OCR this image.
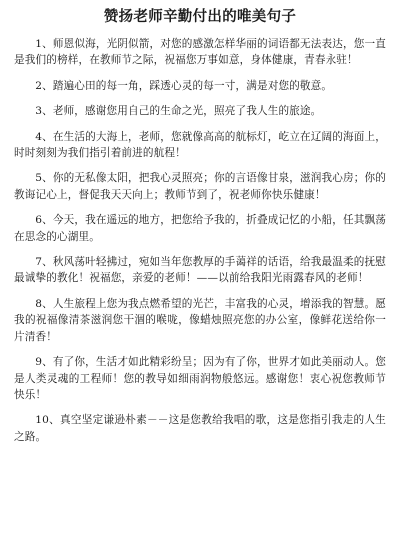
赞扬老师辛勤付出的唯美句子

1、师恩似海，光阴似箭，对您的感激怎样华丽的词语都无法表达，您一直是我们的榜样，在教师节之际，祝福您万事如意，身体健康，青春永驻！

2、踏遍心田的每一角，踩透心灵的每一寸，满是对您的敬意。

3、老师，感谢您用自己的生命之光，照亮了我人生的旅途。

4、在生活的大海上，老师，您就像高高的航标灯，屹立在辽阔的海面上，时时刻刻为我们指引着前进的航程！

5、你的无私像太阳，把我心灵照亮；你的言语像甘泉，滋润我心房；你的教诲记心上，督促我天天向上；教师节到了，祝老师你快乐健康！

6、今天，我在遥远的地方，把您给予我的，折叠成记忆的小船，任其飘荡在思念的心湖里。

7、秋风荡叶轻拂过，宛如当年您教厚的手蔼祥的话语，给我最温柔的抚慰最诚挚的教化！祝福您，亲爱的老师！——以前给我阳光雨露春风的老师！

8、人生旅程上您为我点燃希望的光芒，丰富我的心灵，增添我的智慧。愿我的祝福像清茶滋润您干涸的喉咙，像蜡烛照亮您的办公室，像鲜花送给你一片清香！

9、有了你，生活才如此精彩纷呈；因为有了你，世界才如此美丽动人。您是人类灵魂的工程师！您的教导如细雨润物般悠远。感谢您！衷心祝您教师节快乐！

10、真空坚定谦逊朴素－－这是您教给我唱的歌，这是您指引我走的人生之路。
